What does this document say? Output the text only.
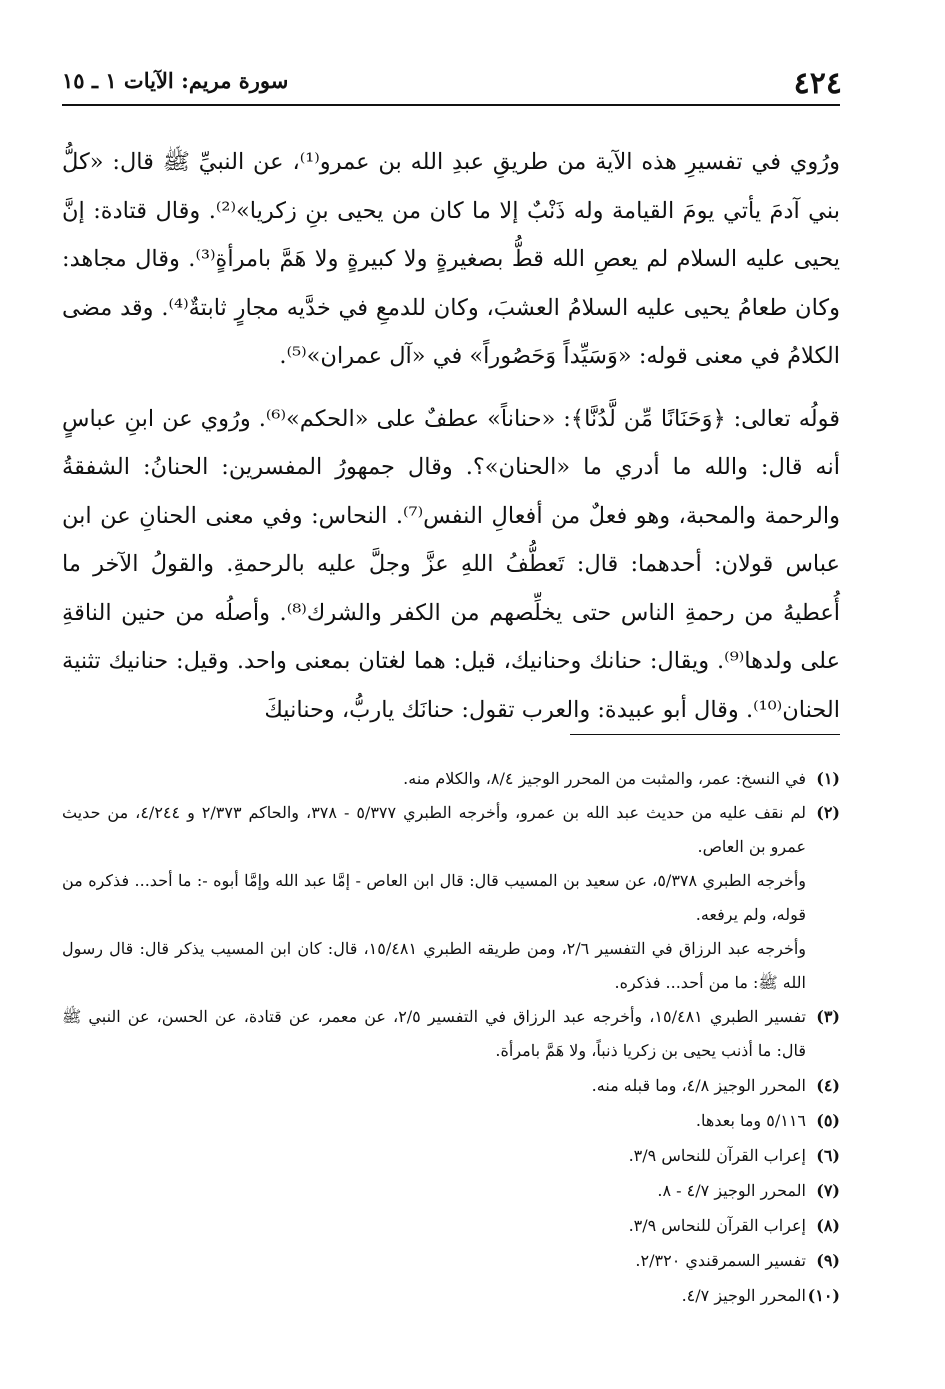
٤٢٤
سورة مريم: الآيات ١ ـ ١٥

ورُوي في تفسيرِ هذه الآية من طريقِ عبدِ الله بن عمرو⁽¹⁾، عن النبيِّ ﷺ قال: «كلُّ بني آدمَ يأتي يومَ القيامة وله ذَنْبٌ إلا ما كان من يحيى بنِ زكريا»⁽²⁾. وقال قتادة: إنَّ يحيى عليه السلام لم يعصِ الله قطُّ بصغيرةٍ ولا كبيرةٍ ولا هَمَّ بامرأةٍ⁽³⁾. وقال مجاهد: وكان طعامُ يحيى عليه السلامُ العشبَ، وكان للدمعِ في خدَّيه مجارٍ ثابتةٌ⁽⁴⁾. وقد مضى الكلامُ في معنى قوله: «وَسَيِّداً وَحَصُوراً» في «آل عمران»⁽⁵⁾.

قولُه تعالى: ﴿وَحَنَانًا مِّن لَّدُنَّا﴾: «حناناً» عطفٌ على «الحكم»⁽⁶⁾. ورُوي عن ابنِ عباسٍ أنه قال: والله ما أدري ما «الحنان»؟. وقال جمهورُ المفسرين: الحنانُ: الشفقةُ والرحمة والمحبة، وهو فعلٌ من أفعالِ النفس⁽⁷⁾. النحاس: وفي معنى الحنانِ عن ابن عباس قولان: أحدهما: قال: تَعطُّفُ اللهِ عزَّ وجلَّ عليه بالرحمةِ. والقولُ الآخر ما أُعطيهُ من رحمةِ الناس حتى يخلِّصهم من الكفر والشرك⁽⁸⁾. وأصلُه من حنين الناقةِ على ولدها⁽⁹⁾. ويقال: حنانك وحنانيك، قيل: هما لغتان بمعنى واحد. وقيل: حنانيك تثنية الحنان⁽¹⁰⁾. وقال أبو عبيدة: والعرب تقول: حنانَك ياربُّ، وحنانيكَ

(١)
في النسخ: عمر، والمثبت من المحرر الوجيز ٨/٤، والكلام منه.

(٢)
لم نقف عليه من حديث عبد الله بن عمرو، وأخرجه الطبري ٥/٣٧٧ - ٣٧٨، والحاكم ٢/٣٧٣ و ٤/٢٤٤، من حديث عمرو بن العاص.

وأخرجه الطبري ٥/٣٧٨، عن سعيد بن المسيب قال: قال ابن العاص - إمَّا عبد الله وإمَّا أبوه -: ما أحد... فذكره من قوله، ولم يرفعه.

وأخرجه عبد الرزاق في التفسير ٢/٦، ومن طريقه الطبري ١٥/٤٨١، قال: كان ابن المسيب يذكر قال: قال رسول الله ﷺ: ما من أحد... فذكره.

(٣)
تفسير الطبري ١٥/٤٨١، وأخرجه عبد الرزاق في التفسير ٢/٥، عن معمر، عن قتادة، عن الحسن، عن النبي ﷺ قال: ما أذنب يحيى بن زكريا ذنباً، ولا هَمَّ بامرأة.

(٤)
المحرر الوجيز ٤/٨، وما قبله منه.

(٥)
٥/١١٦ وما بعدها.

(٦)
إعراب القرآن للنحاس ٣/٩.

(٧)
المحرر الوجيز ٤/٧ - ٨.

(٨)
إعراب القرآن للنحاس ٣/٩.

(٩)
تفسير السمرقندي ٢/٣٢٠.

(١٠)
المحرر الوجيز ٤/٧.
